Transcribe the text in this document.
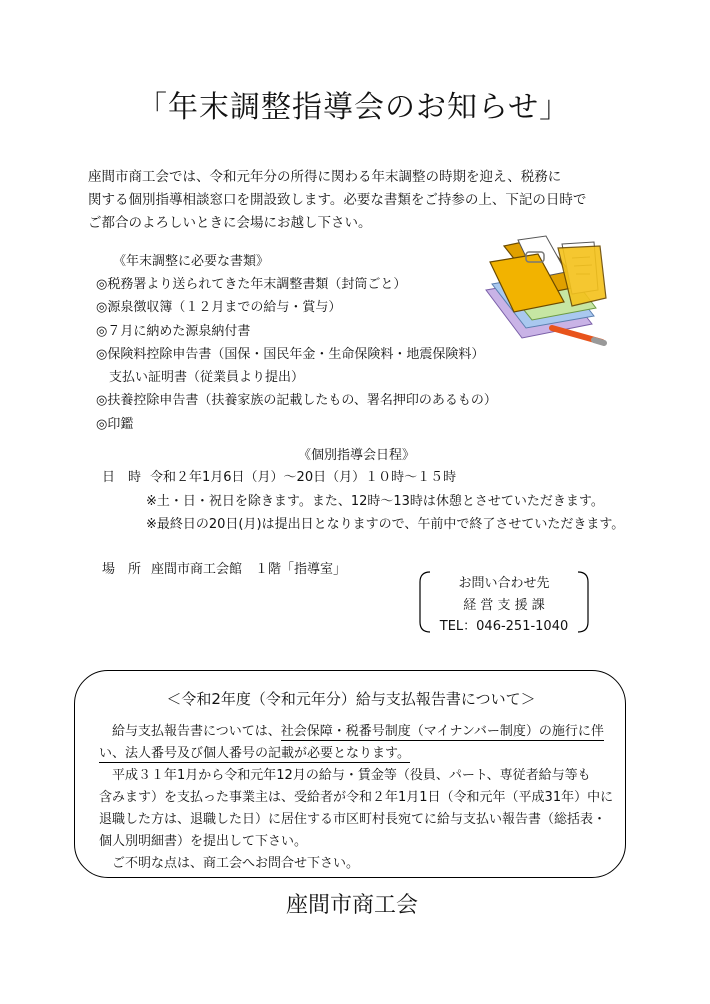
「年末調整指導会のお知らせ」
座間市商工会では、令和元年分の所得に関わる年末調整の時期を迎え、税務に
関する個別指導相談窓口を開設致します。必要な書類をご持参の上、下記の日時で
ご都合のよろしいときに会場にお越し下さい。
《年末調整に必要な書類》
◎税務署より送られてきた年末調整書類（封筒ごと）
◎源泉徴収簿（１２月までの給与・賞与）
◎７月に納めた源泉納付書
◎保険料控除申告書（国保・国民年金・生命保険料・地震保険料）
　支払い証明書（従業員より提出）
◎扶養控除申告書（扶養家族の記載したもの、署名押印のあるもの）
◎印鑑
《個別指導会日程》
日　時 令和２年1月6日（月）～20日（月）１０時～１５時
※土・日・祝日を除きます。また、12時～13時は休憩とさせていただきます。
※最終日の20日(月)は提出日となりますので、午前中で終了させていただきます。
場　所 座間市商工会館　１階「指導室」
お問い合わせ先
経 営 支 援 課
TEL：046-251-1040
＜令和2年度（令和元年分）給与支払報告書について＞
　給与支払報告書については、社会保障・税番号制度（マイナンバー制度）の施行に伴
い、法人番号及び個人番号の記載が必要となります。
　平成３１年1月から令和元年12月の給与・賃金等（役員、パート、専従者給与等も
含みます）を支払った事業主は、受給者が令和２年1月1日（令和元年（平成31年）中に
退職した方は、退職した日）に居住する市区町村長宛てに給与支払い報告書（総括表・
個人別明細書）を提出して下さい。
　ご不明な点は、商工会へお問合せ下さい。
座間市商工会
